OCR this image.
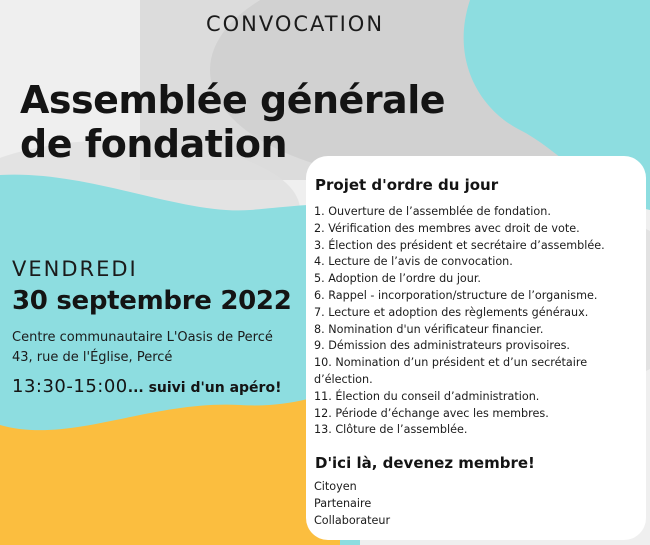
CONVOCATION
Assemblée générale
de fondation
VENDREDI
30 septembre 2022
Centre communautaire L'Oasis de Percé
43, rue de l'Église, Percé
13:30-15:00... suivi d'un apéro!
Projet d'ordre du jour
1. Ouverture de l’assemblée de fondation.
2. Vérification des membres avec droit de vote.
3. Élection des président et secrétaire d’assemblée.
4. Lecture de l’avis de convocation.
5. Adoption de l’ordre du jour.
6. Rappel - incorporation/structure de l’organisme.
7. Lecture et adoption des règlements généraux.
8. Nomination d'un vérificateur financier.
9. Démission des administrateurs provisoires.
10. Nomination d’un président et d’un secrétaire d’élection.
11. Élection du conseil d’administration.
12. Période d’échange avec les membres.
13. Clôture de l’assemblée.
D'ici là, devenez membre!
Citoyen
Partenaire
Collaborateur
